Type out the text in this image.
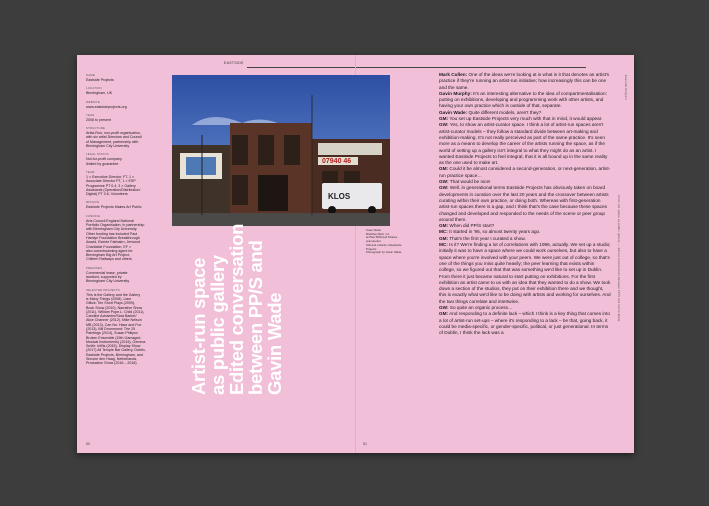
EASTSIDE
NAME
Eastside Projects
LOCATION
Birmingham, UK
WEBSITE
www.eastsideprojects.org
YEAR
2008 to present
STRUCTURE
Artist-Run, non-profit organisation,
with six artist Directors and Council
of Management, partnership with
Birmingham City University
LEGAL STATUS
Not-for-profit company
limited by guarantee
TEAM
1 × Executive Director, FT, 1 ×
Associate Director PT, 1 × ESP
Programme PT 0.4, 3 × Gallery
Assistants (Operation/Distribution/
Digital) PT 0.6, Volunteers
MISSION
Eastside Projects Makes Art Public
FUNDING
Arts Council England National
Portfolio Organisation, in partnership
with Birmingham City University.
Other funding has included Paul
Hamlyn Foundation Breakthrough
Award, Esmée Fairbairn, Jerwood
Charitable Foundation, EF ×
also commissioning agent for
Birmingham Big Art Project,
Chiltern Railways and others
PREMISES
Commercial lease, private
landlord, supported by
Birmingham City University
SELECTED PROJECTS
This is the Gallery and the Gallery
is Many Things (2008), Liam
Gillick: Ten Short Plays (2009),
Book Show (2010), Narrative Show
(2011), William Pope.L: Child (2011),
Caroline Achaintre/Sara Barker/
Alice Channer (2012), Mike Nelson
MB (2013), Can No: Hase and Fox
(2013), Bill Drummond: The 25
Paintings (2014), Susan Philipsz
Broken Ensemble (15th Gamaged
Musical Instruments) (2015), Gemma
Smith: Infills (2015), Display Show
(2017) All Temple Bar Gallery, Dublin,
Eastside Projects, Birmingham, and
Simone den Haag, Netherlands,
Production Show (2016 – 2018)
07940 46
KLOS
Artist-run space
as public gallery
Edited conversation
between PP/S and
Gavin Wade
Case Wade
Brettthen Bell, n.d.
at Plas 58/Fraud Pirates, pramaerant
Still and outside of Eastside Projects
Photograph by Gavin Wade
Mark Cullen: One of the ideas we're looking at is what is it that denotes an artist's practice if they're running an artist-run initiative; how increasingly this can be one and the same.
Gavin Murphy: It's an interesting alternative to the idea of compartmentalisation: putting on exhibitions, developing and programming work with other artists, and having your own practice which is outside of that, separate.
Gavin Wade: Quite different models, aren't they?
GM: You set up Eastside Projects very much with that in mind, it would appear.
GW: Yes, to show an artist-curator space. I think a lot of artist-run spaces aren't artist-curator models – they follow a standard divide between art-making and exhibition-making. It's not really perceived as part of the same practice. It's seen more as a means to develop the career of the artists running the space, as if the world of setting up a gallery isn't integral to what they might do as an artist. I wanted Eastside Projects to feel integral, that it is all bound up in the same reality as the one used to make art.
GM: Could it be almost considered a second-generation, or next-generation, artist-run practice space…
GW: That would be nice!
GW: Well, in generational terms Eastside Projects has obviously taken on board developments in curation over the last 20 years and the crossover between artists curating within their own practice, or doing both. Whereas with first-generation artist-run spaces there is a gap, and I think that's the case because these spaces changed and developed and responded to the needs of the scene or peer group around them.
GM: When did PP/S start?
MC: It started in '96, so almost twenty years ago.
GM: That's the first year I curated a show.
MC: Is it? We're finding a lot of correlations with 1996, actually. We set up a studio; initially it was to have a space where we could work ourselves, but also to have a space where you're involved with your peers. We were just out of college, so that's one of the things you miss quite heavily; the peer learning that exists within college, so we figured out that that was something we'd like to set up in Dublin. From there it just became natural to start putting on exhibitions. For the first exhibition an artist came to us with an idea that they wanted to do a show. We took down a section of the studios, they put on their exhibition there and we thought, this is exactly what we'd like to be doing with artists and working for ourselves. And the two things correlate and intertwine.
GW: So quite an organic process…
GM: And responding to a definite lack – which I think is a key thing that comes into a lot of artist-run set-ups – where it's responding to a lack – be that, going back, it could be media-specific, or gender-specific, political, or just generational. In terms of Dublin, I think the lack was a
Artist-run space as public gallery — Edited conversation between PP/S and Gavin Wade
Eastside Projects
50	51
